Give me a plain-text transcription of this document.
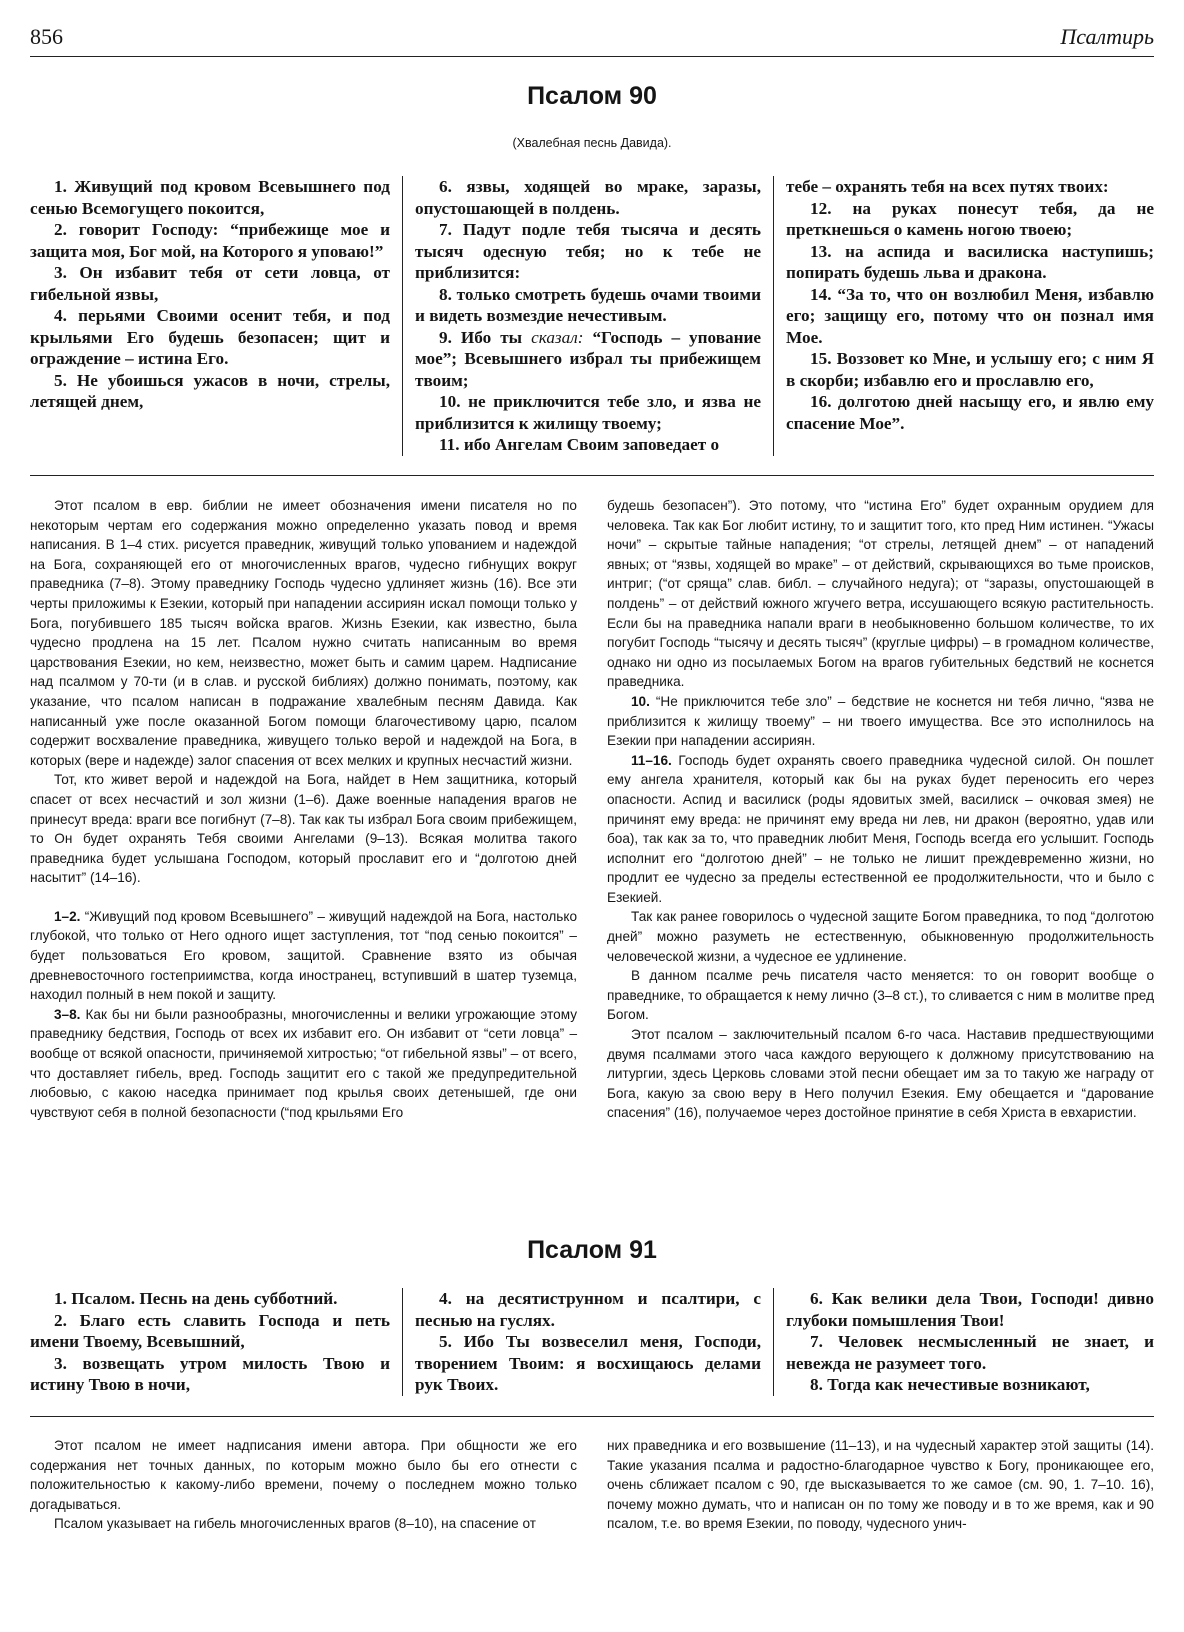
856	Псалтирь
Псалом 90
(Хвалебная песнь Давида).

1. Живущий под кровом Всевышнего под сенью Всемогущего покоится,

2. говорит Господу: “прибежище мое и защита моя, Бог мой, на Которого я уповаю!”

3. Он избавит тебя от сети ловца, от гибельной язвы,

4. перьями Своими осенит тебя, и под крыльями Его будешь безопасен; щит и ограждение – истина Его.

5. Не убоишься ужасов в ночи, стрелы, летящей днем,

6. язвы, ходящей во мраке, заразы, опустошающей в полдень.

7. Падут подле тебя тысяча и десять тысяч одесную тебя; но к тебе не приблизится:

8. только смотреть будешь очами твоими и видеть возмездие нечестивым.

9. Ибо ты сказал: “Господь – упование мое”; Всевышнего избрал ты прибежищем твоим;

10. не приключится тебе зло, и язва не приблизится к жилищу твоему;

11. ибо Ангелам Своим заповедает о

тебе – охранять тебя на всех путях твоих:

12. на руках понесут тебя, да не преткнешься о камень ногою твоею;

13. на аспида и василиска наступишь; попирать будешь льва и дракона.

14. “За то, что он возлюбил Меня, избавлю его; защищу его, потому что он познал имя Мое.

15. Воззовет ко Мне, и услышу его; с ним Я в скорби; избавлю его и прославлю его,

16. долготою дней насыщу его, и явлю ему спасение Мое”.

Этот псалом в евр. библии не имеет обозначения имени писателя но по некоторым чертам его содержания можно определенно указать повод и время написания. В 1–4 стих. рисуется праведник, живущий только упованием и надеждой на Бога, сохраняющей его от многочисленных врагов, чудесно гибнущих вокруг праведника (7–8). Этому праведнику Господь чудесно удлиняет жизнь (16). Все эти черты приложимы к Езекии, который при нападении ассириян искал помощи только у Бога, погубившего 185 тысяч войска врагов. Жизнь Езекии, как известно, была чудесно продлена на 15 лет. Псалом нужно считать написанным во время царствования Езекии, но кем, неизвестно, может быть и самим царем. Надписание над псалмом у 70-ти (и в слав. и русской библиях) должно понимать, поэтому, как указание, что псалом написан в подражание хвалебным песням Давида. Как написанный уже после оказанной Богом помощи благочестивому царю, псалом содержит восхваление праведника, живущего только верой и надеждой на Бога, в которых (вере и надежде) залог спасения от всех мелких и крупных несчастий жизни.

Тот, кто живет верой и надеждой на Бога, найдет в Нем защитника, который спасет от всех несчастий и зол жизни (1–6). Даже военные нападения врагов не принесут вреда: враги все погибнут (7–8). Так как ты избрал Бога своим прибежищем, то Он будет охранять Тебя своими Ангелами (9–13). Всякая молитва такого праведника будет услышана Господом, который прославит его и “долготою дней насытит” (14–16).

1–2. “Живущий под кровом Всевышнего” – живущий надеждой на Бога, настолько глубокой, что только от Него одного ищет заступления, тот “под сенью покоится” – будет пользоваться Его кровом, защитой. Сравнение взято из обычая древневосточного гостеприимства, когда иностранец, вступивший в шатер туземца, находил полный в нем покой и защиту.

3–8. Как бы ни были разнообразны, многочисленны и велики угрожающие этому праведнику бедствия, Господь от всех их избавит его. Он избавит от “сети ловца” – вообще от всякой опасности, причиняемой хитростью; “от гибельной язвы” – от всего, что доставляет гибель, вред. Господь защитит его с такой же предупредительной любовью, с какою наседка принимает под крылья своих детенышей, где они чувствуют себя в полной безопасности (“под крыльями Его

будешь безопасен”). Это потому, что “истина Его” будет охранным орудием для человека. Так как Бог любит истину, то и защитит того, кто пред Ним истинен. “Ужасы ночи” – скрытые тайные нападения; “от стрелы, летящей днем” – от нападений явных; от “язвы, ходящей во мраке” – от действий, скрывающихся во тьме происков, интриг; (“от сряща” слав. библ. – случайного недуга); от “заразы, опустошающей в полдень” – от действий южного жгучего ветра, иссушающего всякую растительность. Если бы на праведника напали враги в необыкновенно большом количестве, то их погубит Господь “тысячу и десять тысяч” (круглые цифры) – в громадном количестве, однако ни одно из посылаемых Богом на врагов губительных бедствий не коснется праведника.

10. “Не приключится тебе зло” – бедствие не коснется ни тебя лично, “язва не приблизится к жилищу твоему” – ни твоего имущества. Все это исполнилось на Езекии при нападении ассириян.

11–16. Господь будет охранять своего праведника чудесной силой. Он пошлет ему ангела хранителя, который как бы на руках будет переносить его через опасности. Аспид и василиск (роды ядовитых змей, василиск – очковая змея) не причинят ему вреда: не причинят ему вреда ни лев, ни дракон (вероятно, удав или боа), так как за то, что праведник любит Меня, Господь всегда его услышит. Господь исполнит его “долготою дней” – не только не лишит преждевременно жизни, но продлит ее чудесно за пределы естественной ее продолжительности, что и было с Езекией.

Так как ранее говорилось о чудесной защите Богом праведника, то под “долготою дней” можно разуметь не естественную, обыкновенную продолжительность человеческой жизни, а чудесное ее удлинение.

В данном псалме речь писателя часто меняется: то он говорит вообще о праведнике, то обращается к нему лично (3–8 ст.), то сливается с ним в молитве пред Богом.

Этот псалом – заключительный псалом 6-го часа. Наставив предшествующими двумя псалмами этого часа каждого верующего к должному присутствованию на литургии, здесь Церковь словами этой песни обещает им за то такую же награду от Бога, какую за свою веру в Него получил Езекия. Ему обещается и “дарование спасения” (16), получаемое через достойное принятие в себя Христа в евхаристии.

Псалом 91

1. Псалом. Песнь на день субботний.

2. Благо есть славить Господа и петь имени Твоему, Всевышний,

3. возвещать утром милость Твою и истину Твою в ночи,

4. на десятиструнном и псалтири, с песнью на гуслях.

5. Ибо Ты возвеселил меня, Господи, творением Твоим: я восхищаюсь делами рук Твоих.

6. Как велики дела Твои, Господи! дивно глубоки помышления Твои!

7. Человек несмысленный не знает, и невежда не разумеет того.

8. Тогда как нечестивые возникают,

Этот псалом не имеет надписания имени автора. При общности же его содержания нет точных данных, по которым можно было бы его отнести с положительностью к какому-либо времени, почему о последнем можно только догадываться.

Псалом указывает на гибель многочисленных врагов (8–10), на спасение от

них праведника и его возвышение (11–13), и на чудесный характер этой защиты (14). Такие указания псалма и радостно-благодарное чувство к Богу, проникающее его, очень сближает псалом с 90, где высказывается то же самое (см. 90, 1. 7–10. 16), почему можно думать, что и написан он по тому же поводу и в то же время, как и 90 псалом, т.е. во время Езекии, по поводу, чудесного унич-
